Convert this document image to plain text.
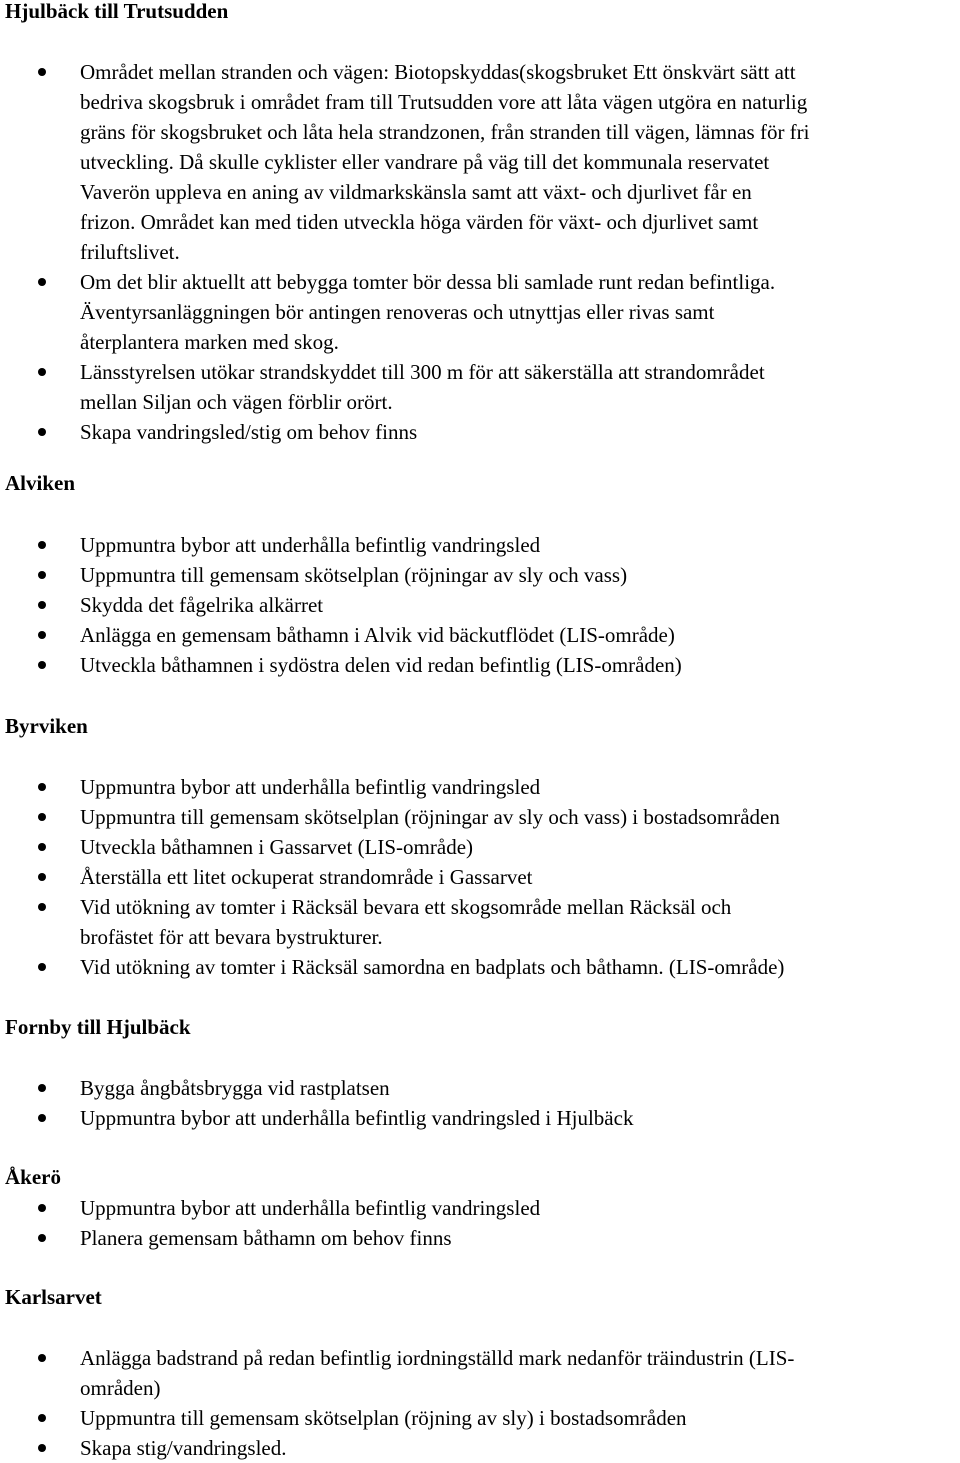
Hjulbäck till Trutsudden
Området mellan stranden och vägen: Biotopskyddas(skogsbruket Ett önskvärt sätt att
bedriva skogsbruk i området fram till Trutsudden vore att låta vägen utgöra en naturlig
gräns för skogsbruket och låta hela strandzonen, från stranden till vägen, lämnas för fri
utveckling. Då skulle cyklister eller vandrare på väg till det kommunala reservatet
Vaverön uppleva en aning av vildmarkskänsla samt att växt- och djurlivet får en
frizon. Området kan med tiden utveckla höga värden för växt- och djurlivet samt
friluftslivet.
Om det blir aktuellt att bebygga tomter bör dessa bli samlade runt redan befintliga.
Äventyrsanläggningen bör antingen renoveras och utnyttjas eller rivas samt
återplantera marken med skog.
Länsstyrelsen utökar strandskyddet till 300 m för att säkerställa att strandområdet
mellan Siljan och vägen förblir orört.
Skapa vandringsled/stig om behov finns
Alviken
Uppmuntra bybor att underhålla befintlig vandringsled
Uppmuntra till gemensam skötselplan (röjningar av sly och vass)
Skydda det fågelrika alkärret
Anlägga en gemensam båthamn i Alvik vid bäckutflödet (LIS-område)
Utveckla båthamnen i sydöstra delen vid redan befintlig (LIS-områden)
Byrviken
Uppmuntra bybor att underhålla befintlig vandringsled
Uppmuntra till gemensam skötselplan (röjningar av sly och vass) i bostadsområden
Utveckla båthamnen i Gassarvet (LIS-område)
Återställa ett litet ockuperat strandområde i Gassarvet
Vid utökning av tomter i Räcksäl bevara ett skogsområde mellan Räcksäl och
brofästet för att bevara bystrukturer.
Vid utökning av tomter i Räcksäl samordna en badplats och båthamn. (LIS-område)
Fornby till Hjulbäck
Bygga ångbåtsbrygga vid rastplatsen
Uppmuntra bybor att underhålla befintlig vandringsled i Hjulbäck
Åkerö
Uppmuntra bybor att underhålla befintlig vandringsled
Planera gemensam båthamn om behov finns
Karlsarvet
Anlägga badstrand på redan befintlig iordningställd mark nedanför träindustrin (LIS-
områden)
Uppmuntra till gemensam skötselplan (röjning av sly) i bostadsområden
Skapa stig/vandringsled.
